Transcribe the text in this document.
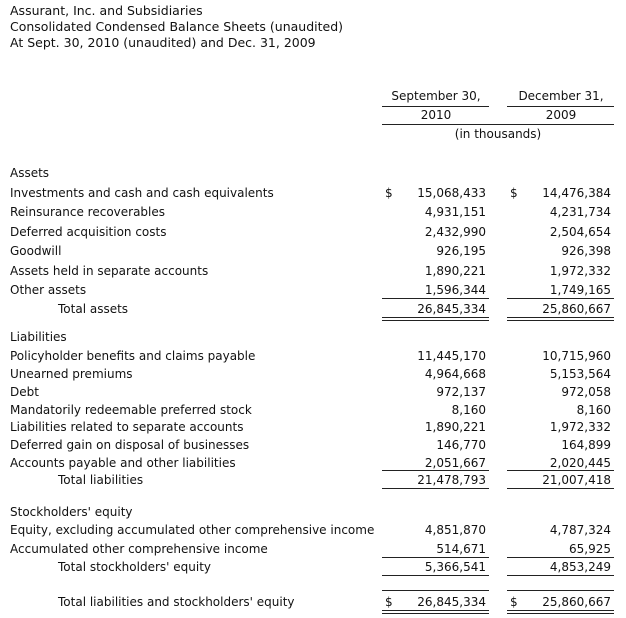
Assurant, Inc. and Subsidiaries
Consolidated Condensed Balance Sheets (unaudited)
At Sept. 30, 2010 (unaudited) and Dec. 31, 2009
September 30,
2010
December 31,
2009
(in thousands)
Assets
Investments and cash and cash equivalents	$ 15,068,433 $ 14,476,384
Reinsurance recoverables	4,931,151	4,231,734
Deferred acquisition costs	2,432,990	2,504,654
Goodwill	926,195	926,398
Assets held in separate accounts	1,890,221	1,972,332
Other assets	1,596,344	1,749,165
Total assets	26,845,334	25,860,667
Liabilities
Policyholder benefits and claims payable	11,445,170	10,715,960
Unearned premiums	4,964,668	5,153,564
Debt	972,137	972,058
Mandatorily redeemable preferred stock	8,160	8,160
Liabilities related to separate accounts	1,890,221	1,972,332
Deferred gain on disposal of businesses	146,770	164,899
Accounts payable and other liabilities	2,051,667	2,020,445
Total liabilities	21,478,793	21,007,418
Stockholders' equity
Equity, excluding accumulated other comprehensive income	4,851,870	4,787,324
Accumulated other comprehensive income	514,671	65,925
Total stockholders' equity	5,366,541	4,853,249
Total liabilities and stockholders' equity	$ 26,845,334 $ 25,860,667
